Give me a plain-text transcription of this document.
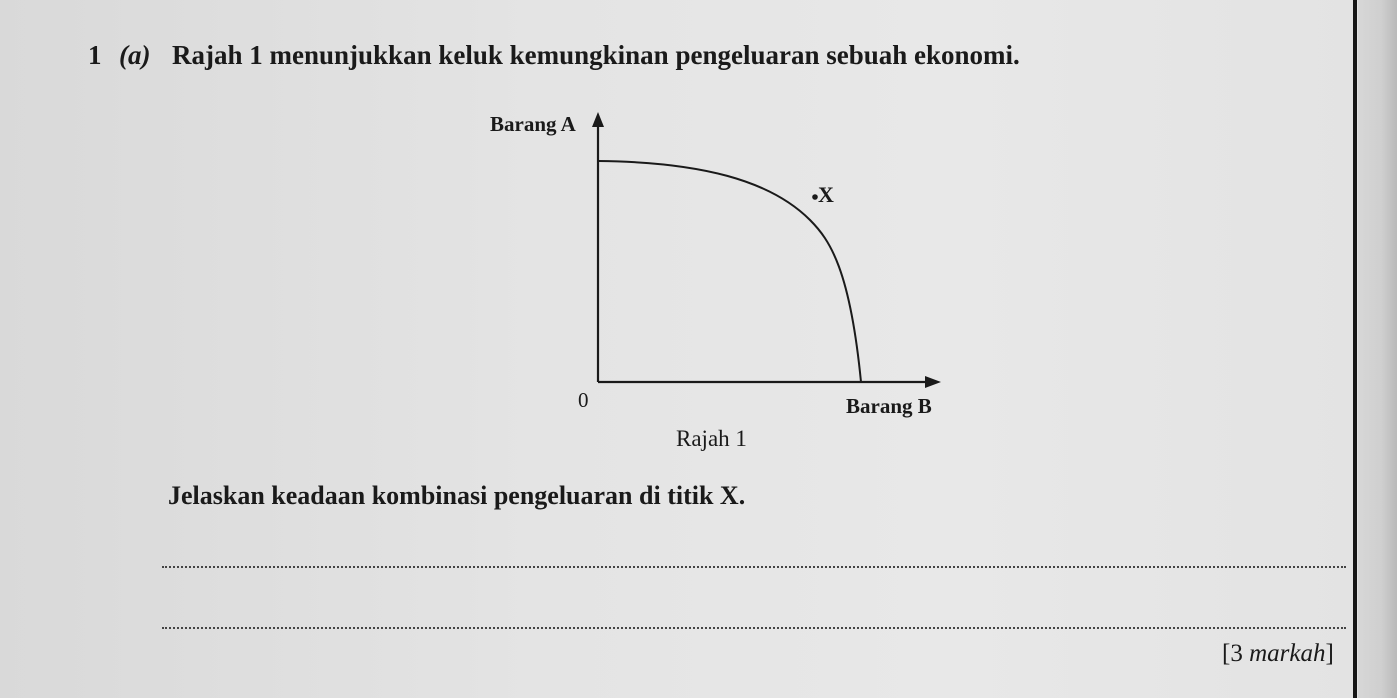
1 (a) Rajah 1 menunjukkan keluk kemungkinan pengeluaran sebuah ekonomi.
Barang A
Barang B
0
X
Rajah 1
Jelaskan keadaan kombinasi pengeluaran di titik X.
[3 markah]
